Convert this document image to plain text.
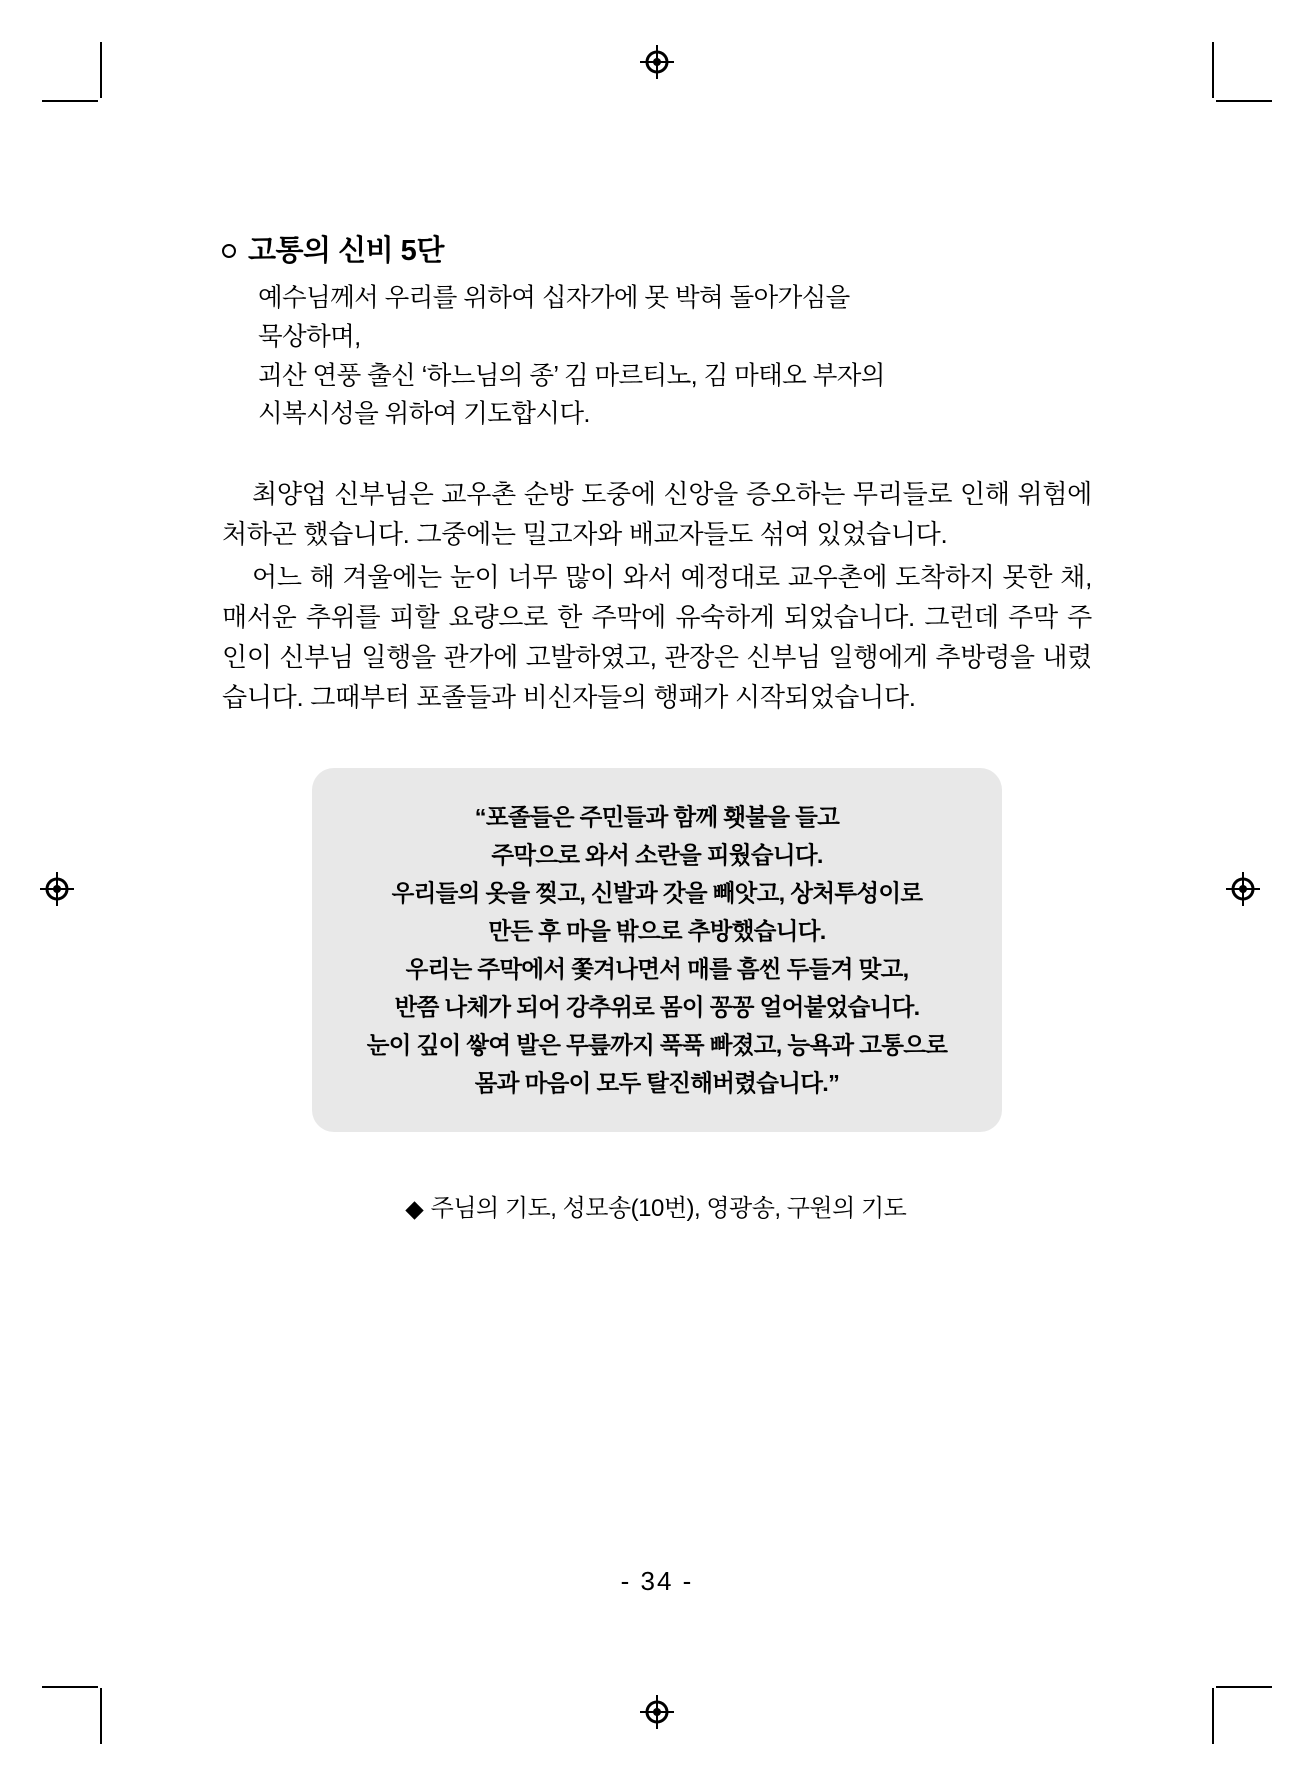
고통의 신비 5단
예수님께서 우리를 위하여 십자가에 못 박혀 돌아가심을
묵상하며,
괴산 연풍 출신 ‘하느님의 종’ 김 마르티노, 김 마태오 부자의
시복시성을 위하여 기도합시다.

최양업 신부님은 교우촌 순방 도중에 신앙을 증오하는 무리들로 인해 위험에 처하곤 했습니다. 그중에는 밀고자와 배교자들도 섞여 있었습니다.

어느 해 겨울에는 눈이 너무 많이 와서 예정대로 교우촌에 도착하지 못한 채, 매서운 추위를 피할 요량으로 한 주막에 유숙하게 되었습니다. 그런데 주막 주인이 신부님 일행을 관가에 고발하였고, 관장은 신부님 일행에게 추방령을 내렸습니다. 그때부터 포졸들과 비신자들의 행패가 시작되었습니다.

“포졸들은 주민들과 함께 횃불을 들고
주막으로 와서 소란을 피웠습니다.
우리들의 옷을 찢고, 신발과 갓을 빼앗고, 상처투성이로
만든 후 마을 밖으로 추방했습니다.
우리는 주막에서 쫓겨나면서 매를 흠씬 두들겨 맞고,
반쯤 나체가 되어 강추위로 몸이 꽁꽁 얼어붙었습니다.
눈이 깊이 쌓여 발은 무릎까지 푹푹 빠졌고, 능욕과 고통으로
몸과 마음이 모두 탈진해버렸습니다.”
주님의 기도, 성모송(10번), 영광송, 구원의 기도
- 34 -
